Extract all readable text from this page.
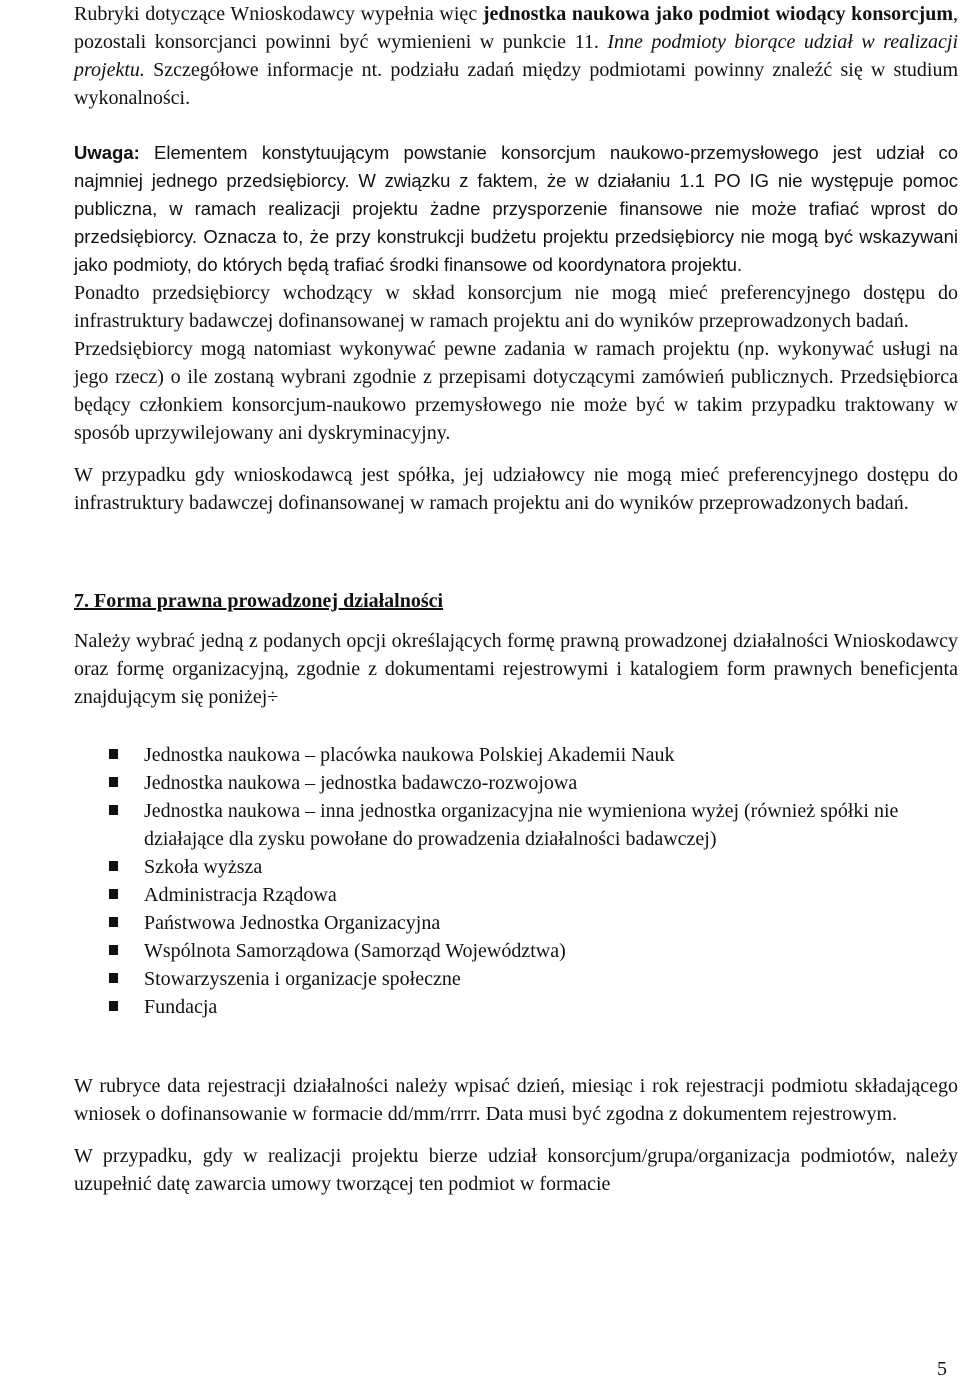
Rubryki dotyczące Wnioskodawcy wypełnia więc jednostka naukowa jako podmiot wiodący konsorcjum, pozostali konsorcjanci powinni być wymienieni w punkcie 11. Inne podmioty biorące udział w realizacji projektu. Szczegółowe informacje nt. podziału zadań między podmiotami powinny znaleźć się w studium wykonalności.

Uwaga: Elementem konstytuującym powstanie konsorcjum naukowo-przemysłowego jest udział co najmniej jednego przedsiębiorcy. W związku z faktem, że w działaniu 1.1 PO IG nie występuje pomoc publiczna, w ramach realizacji projektu żadne przysporzenie finansowe nie może trafiać wprost do przedsiębiorcy. Oznacza to, że przy konstrukcji budżetu projektu przedsiębiorcy nie mogą być wskazywani jako podmioty, do których będą trafiać środki finansowe od koordynatora projektu.

Ponadto przedsiębiorcy wchodzący w skład konsorcjum nie mogą mieć preferencyjnego dostępu do infrastruktury badawczej dofinansowanej w ramach projektu ani do wyników przeprowadzonych badań.

Przedsiębiorcy mogą natomiast wykonywać pewne zadania w ramach projektu (np. wykonywać usługi na jego rzecz) o ile zostaną wybrani zgodnie z przepisami dotyczącymi zamówień publicznych. Przedsiębiorca będący członkiem konsorcjum-naukowo przemysłowego nie może być w takim przypadku traktowany w sposób uprzywilejowany ani dyskryminacyjny.

W przypadku gdy wnioskodawcą jest spółka, jej udziałowcy nie mogą mieć preferencyjnego dostępu do infrastruktury badawczej dofinansowanej w ramach projektu ani do wyników przeprowadzonych badań.

7. Forma prawna prowadzonej działalności

Należy wybrać jedną z podanych opcji określających formę prawną prowadzonej działalności Wnioskodawcy oraz formę organizacyjną, zgodnie z dokumentami rejestrowymi i katalogiem form prawnych beneficjenta znajdującym się poniżej÷

Jednostka naukowa – placówka naukowa Polskiej Akademii Nauk
Jednostka naukowa – jednostka badawczo-rozwojowa
Jednostka naukowa – inna jednostka organizacyjna nie wymieniona wyżej (również spółki nie działające dla zysku powołane do prowadzenia działalności badawczej)
Szkoła wyższa
Administracja Rządowa
Państwowa Jednostka Organizacyjna
Wspólnota Samorządowa (Samorząd Województwa)
Stowarzyszenia i organizacje społeczne
Fundacja

W rubryce data rejestracji działalności należy wpisać dzień, miesiąc i rok rejestracji podmiotu składającego wniosek o dofinansowanie w formacie dd/mm/rrrr. Data musi być zgodna z dokumentem rejestrowym.

W przypadku, gdy w realizacji projektu bierze udział konsorcjum/grupa/organizacja podmiotów, należy uzupełnić datę zawarcia umowy tworzącej ten podmiot w formacie

5
